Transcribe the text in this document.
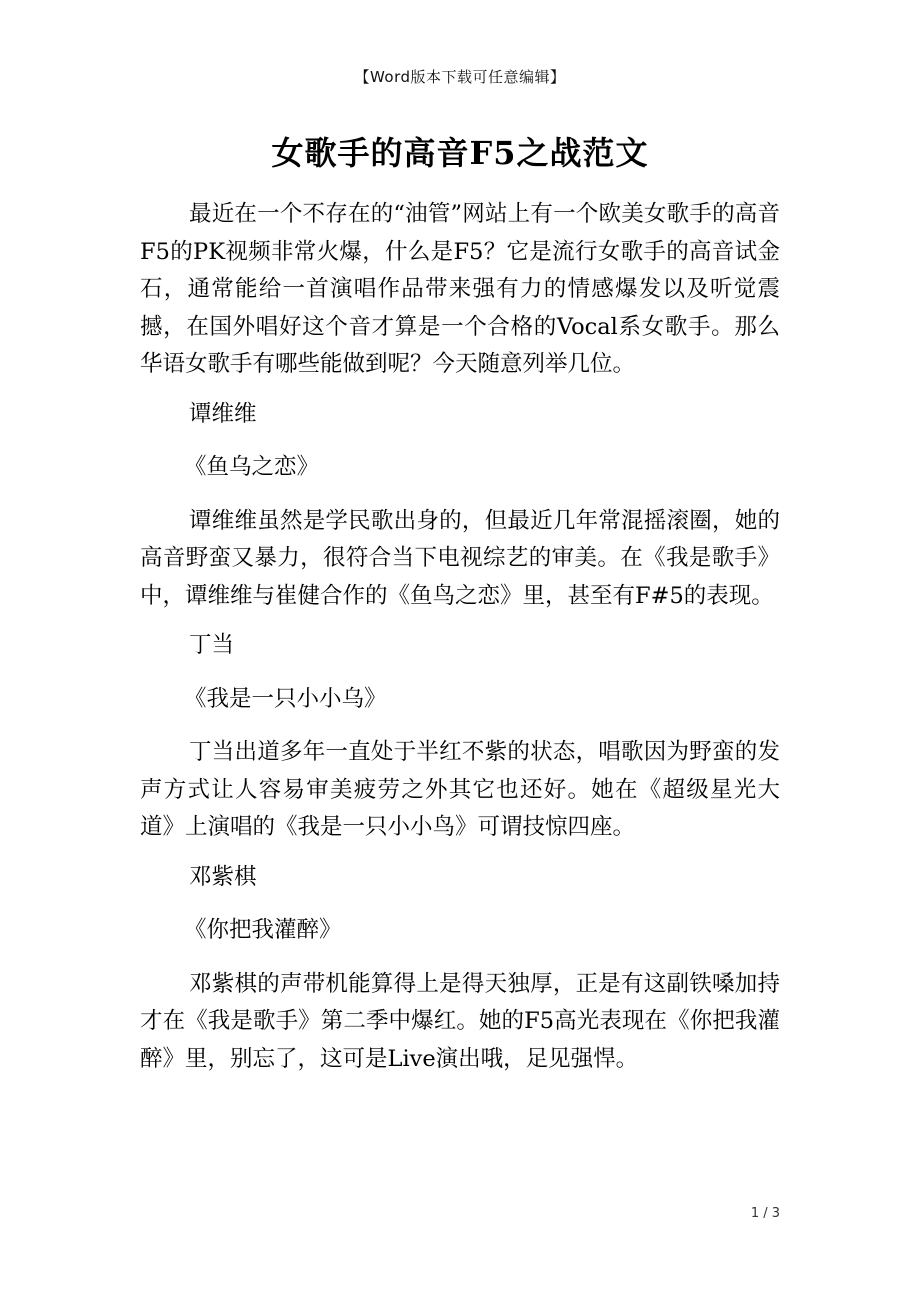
【Word版本下载可任意编辑】
女歌手的高音F5之战范文

最近在一个不存在的“油管”网站上有一个欧美女歌手的高音F5的PK视频非常火爆，什么是F5？它是流行女歌手的高音试金石，通常能给一首演唱作品带来强有力的情感爆发以及听觉震撼，在国外唱好这个音才算是一个合格的Vocal系女歌手。那么华语女歌手有哪些能做到呢？今天随意列举几位。

谭维维

《鱼乌之恋》

谭维维虽然是学民歌出身的，但最近几年常混摇滚圈，她的高音野蛮又暴力，很符合当下电视综艺的审美。在《我是歌手》中，谭维维与崔健合作的《鱼鸟之恋》里，甚至有F#5的表现。

丁当

《我是一只小小乌》

丁当出道多年一直处于半红不紫的状态，唱歌因为野蛮的发声方式让人容易审美疲劳之外其它也还好。她在《超级星光大道》上演唱的《我是一只小小鸟》可谓技惊四座。

邓紫棋

《你把我灌醉》

邓紫棋的声带机能算得上是得天独厚，正是有这副铁嗓加持才在《我是歌手》第二季中爆红。她的F5高光表现在《你把我灌醉》里，别忘了，这可是Live演出哦，足见强悍。

1 / 3
